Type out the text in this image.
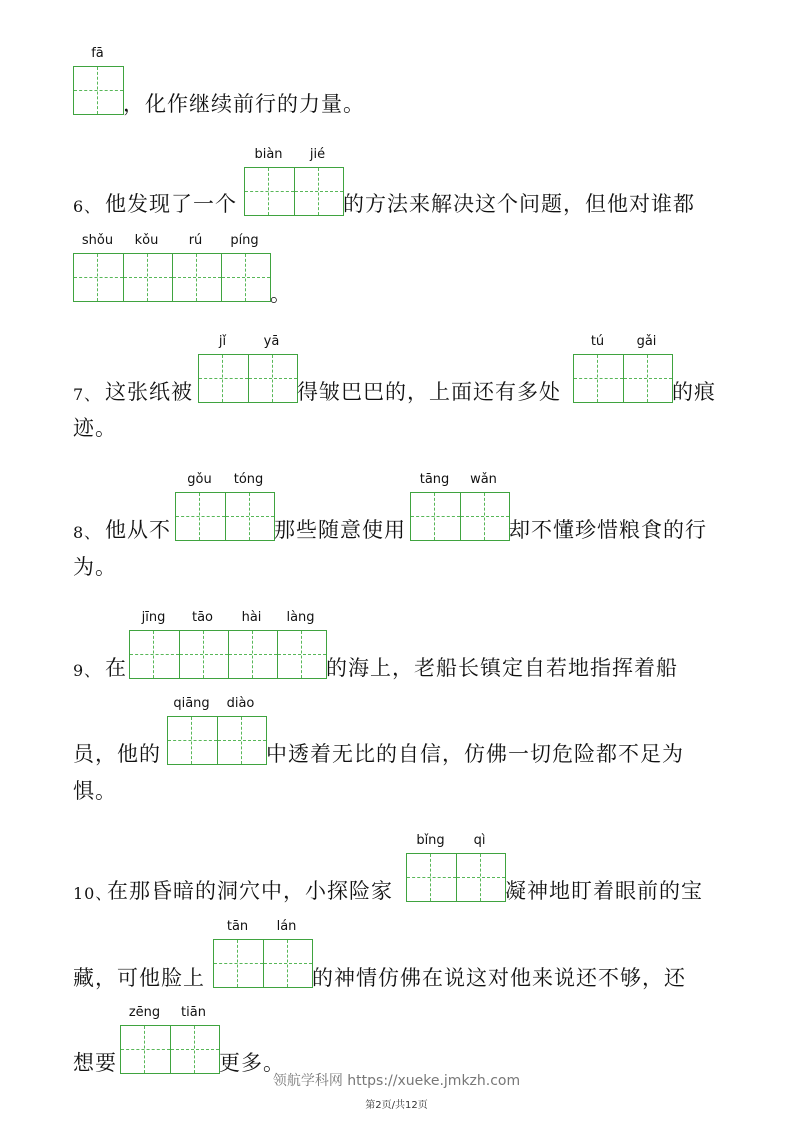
fā
，化作继续前行的力量。
6、 他发现了一个
biàn	jié
的方法来解决这个问题，但他对谁都
shǒu	kǒu	rú	píng
。
7、 这张纸被
jǐ	yā
得皱巴巴的，上面还有多处
tú	gǎi
的痕
迹。
8、 他从不
gǒu	tóng
那些随意使用
tāng	wǎn
却不懂珍惜粮食的行
为。
9、 在
jīng	tāo	hài	làng
的海上，老船长镇定自若地指挥着船
员，他的
qiāng	diào
中透着无比的自信，仿佛一切危险都不足为
惧。
10、
在那昏暗的洞穴中，小探险家
bǐng	qì
凝神地盯着眼前的宝
藏，可他脸上
tān	lán
的神情仿佛在说这对他来说还不够，还
想要
zēng	tiān
更多。
领航学科网 https://xueke.jmkzh.com
第2页/共12页
